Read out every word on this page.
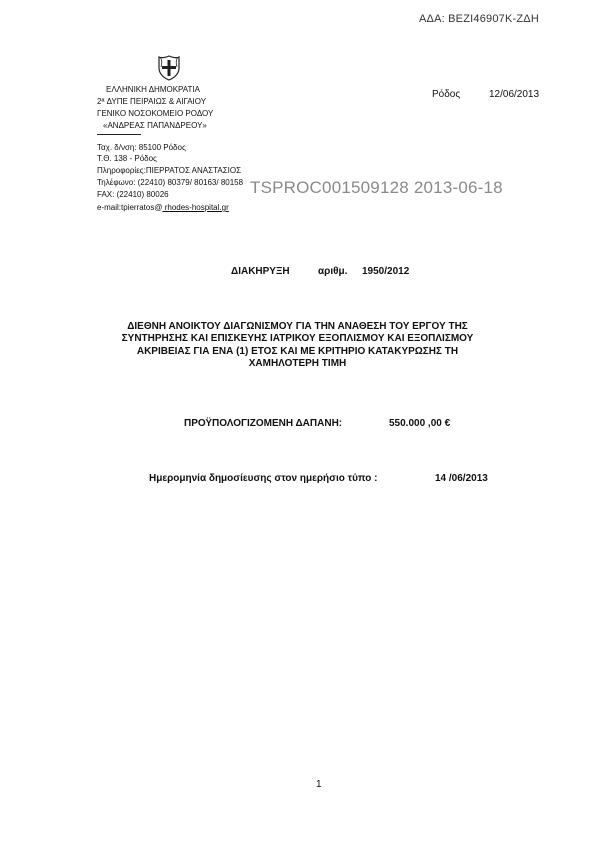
ΑΔΑ: ΒΕΖΙ46907Κ-ΖΔΗ
ΕΛΛΗΝΙΚΗ ΔΗΜΟΚΡΑΤΙΑ
2ª ΔΥΠΕ ΠΕΙΡΑΙΩΣ & ΑΙΓΑΙΟΥ
ΓΕΝΙΚΟ ΝΟΣΟΚΟΜΕΙΟ ΡΟΔΟΥ
«ΑΝΔΡΕΑΣ ΠΑΠΑΝΔΡΕΟΥ»
Ταχ. δ/νση: 85100 Ρόδος
Τ.Θ. 138 - Ρόδος
Πληροφορίες:ΠΙΕΡΡΑΤΟΣ ΑΝΑΣΤΑΣΙΟΣ
Τηλέφωνο: (22410) 80379/ 80163/ 80158
FAX: (22410) 80026
e-mail:tpierratos@ rhodes-hospital.gr
Ρόδος	12/06/2013
TSPROC001509128 2013-06-18
ΔΙΑΚΗΡΥΞΗ	αριθμ. 1950/2012
ΔΙΕΘΝΗ ΑΝΟΙΚΤΟΥ ΔΙΑΓΩΝΙΣΜΟΥ ΓΙΑ ΤΗΝ ΑΝΑΘΕΣΗ ΤΟΥ ΕΡΓΟΥ ΤΗΣ
ΣΥΝΤΗΡΗΣΗΣ ΚΑΙ ΕΠΙΣΚΕΥΗΣ ΙΑΤΡΙΚΟΥ ΕΞΟΠΛΙΣΜΟΥ ΚΑΙ ΕΞΟΠΛΙΣΜΟΥ
ΑΚΡΙΒΕΙΑΣ ΓΙΑ ΕΝΑ (1) ΕΤΟΣ ΚΑΙ ΜΕ ΚΡΙΤΗΡΙΟ ΚΑΤΑΚΥΡΩΣΗΣ ΤΗ
ΧΑΜΗΛΟΤΕΡΗ ΤΙΜΗ
ΠΡΟΫΠΟΛΟΓΙΖΟΜΕΝΗ ΔΑΠΑΝΗ:	550.000 ,00 €
Ημερομηνία δημοσίευσης στον ημερήσιο τύπο :	14 /06/2013
1
